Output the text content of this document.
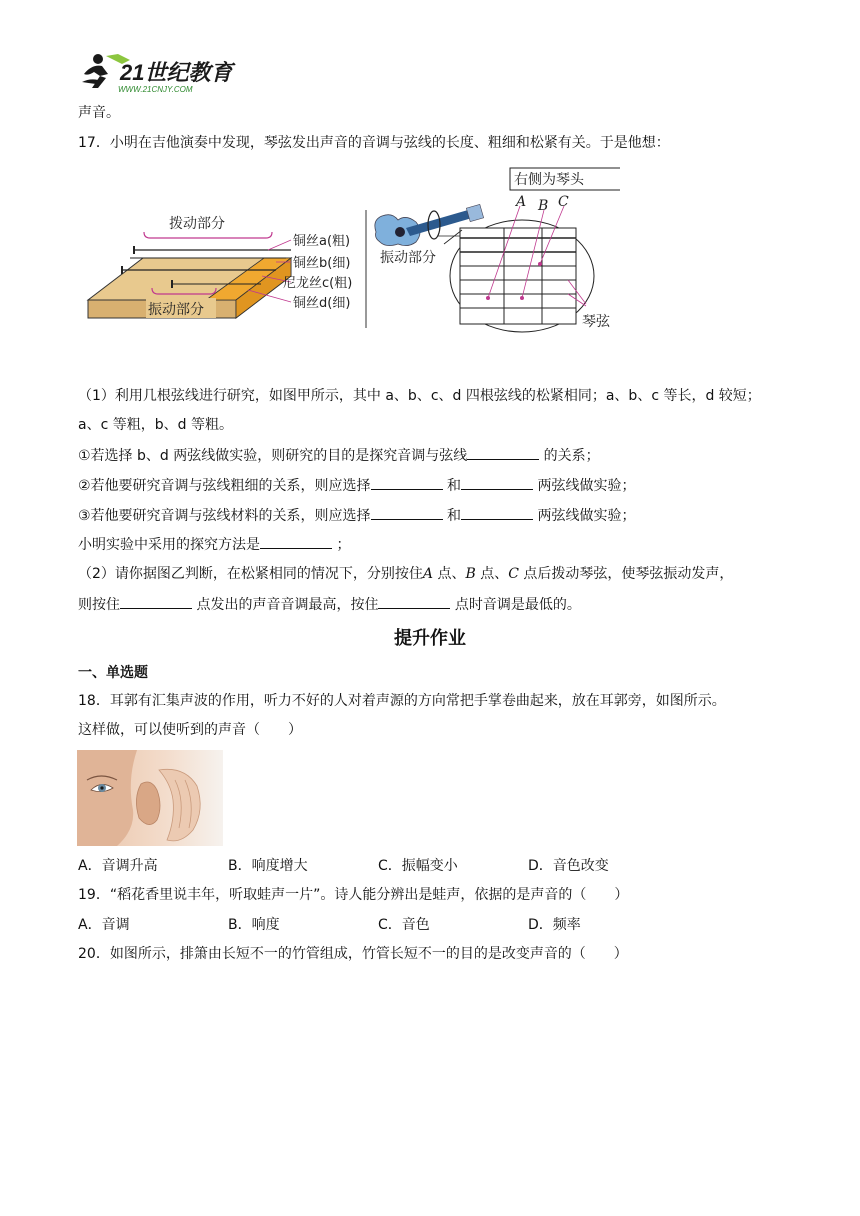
21世纪教育
WWW.21CNJY.COM
声音。
17．小明在吉他演奏中发现，琴弦发出声音的音调与弦线的长度、粗细和松紧有关。于是他想：
拨动部分
振动部分
铜丝a(粗)
铜丝b(细)
尼龙丝c(粗)
铜丝d(细)
右侧为琴头
A B C
振动部分
琴弦
（1）利用几根弦线进行研究，如图甲所示，其中 a、b、c、d 四根弦线的松紧相同；a、b、c 等长，d 较短；
a、c 等粗，b、d 等粗。
①若选择 b、d 两弦线做实验，则研究的目的是探究音调与弦线	的关系；
②若他要研究音调与弦线粗细的关系，则应选择	和	两弦线做实验；
③若他要研究音调与弦线材料的关系，则应选择	和	两弦线做实验；
小明实验中采用的探究方法是	；
（2）请你据图乙判断，在松紧相同的情况下，分别按住A 点、B 点、C 点后拨动琴弦，使琴弦振动发声，
则按住	点发出的声音音调最高，按住	点时音调是最低的。
提升作业
一、单选题
18．耳郭有汇集声波的作用，听力不好的人对着声源的方向常把手掌卷曲起来，放在耳郭旁，如图所示。
这样做，可以使听到的声音（　　）
A．音调升高	B．响度增大	C．振幅变小	D．音色改变
19．“稻花香里说丰年，听取蛙声一片”。诗人能分辨出是蛙声，依据的是声音的（　　）
A．音调	B．响度	C．音色	D．频率
20．如图所示，排箫由长短不一的竹管组成，竹管长短不一的目的是改变声音的（　　）
